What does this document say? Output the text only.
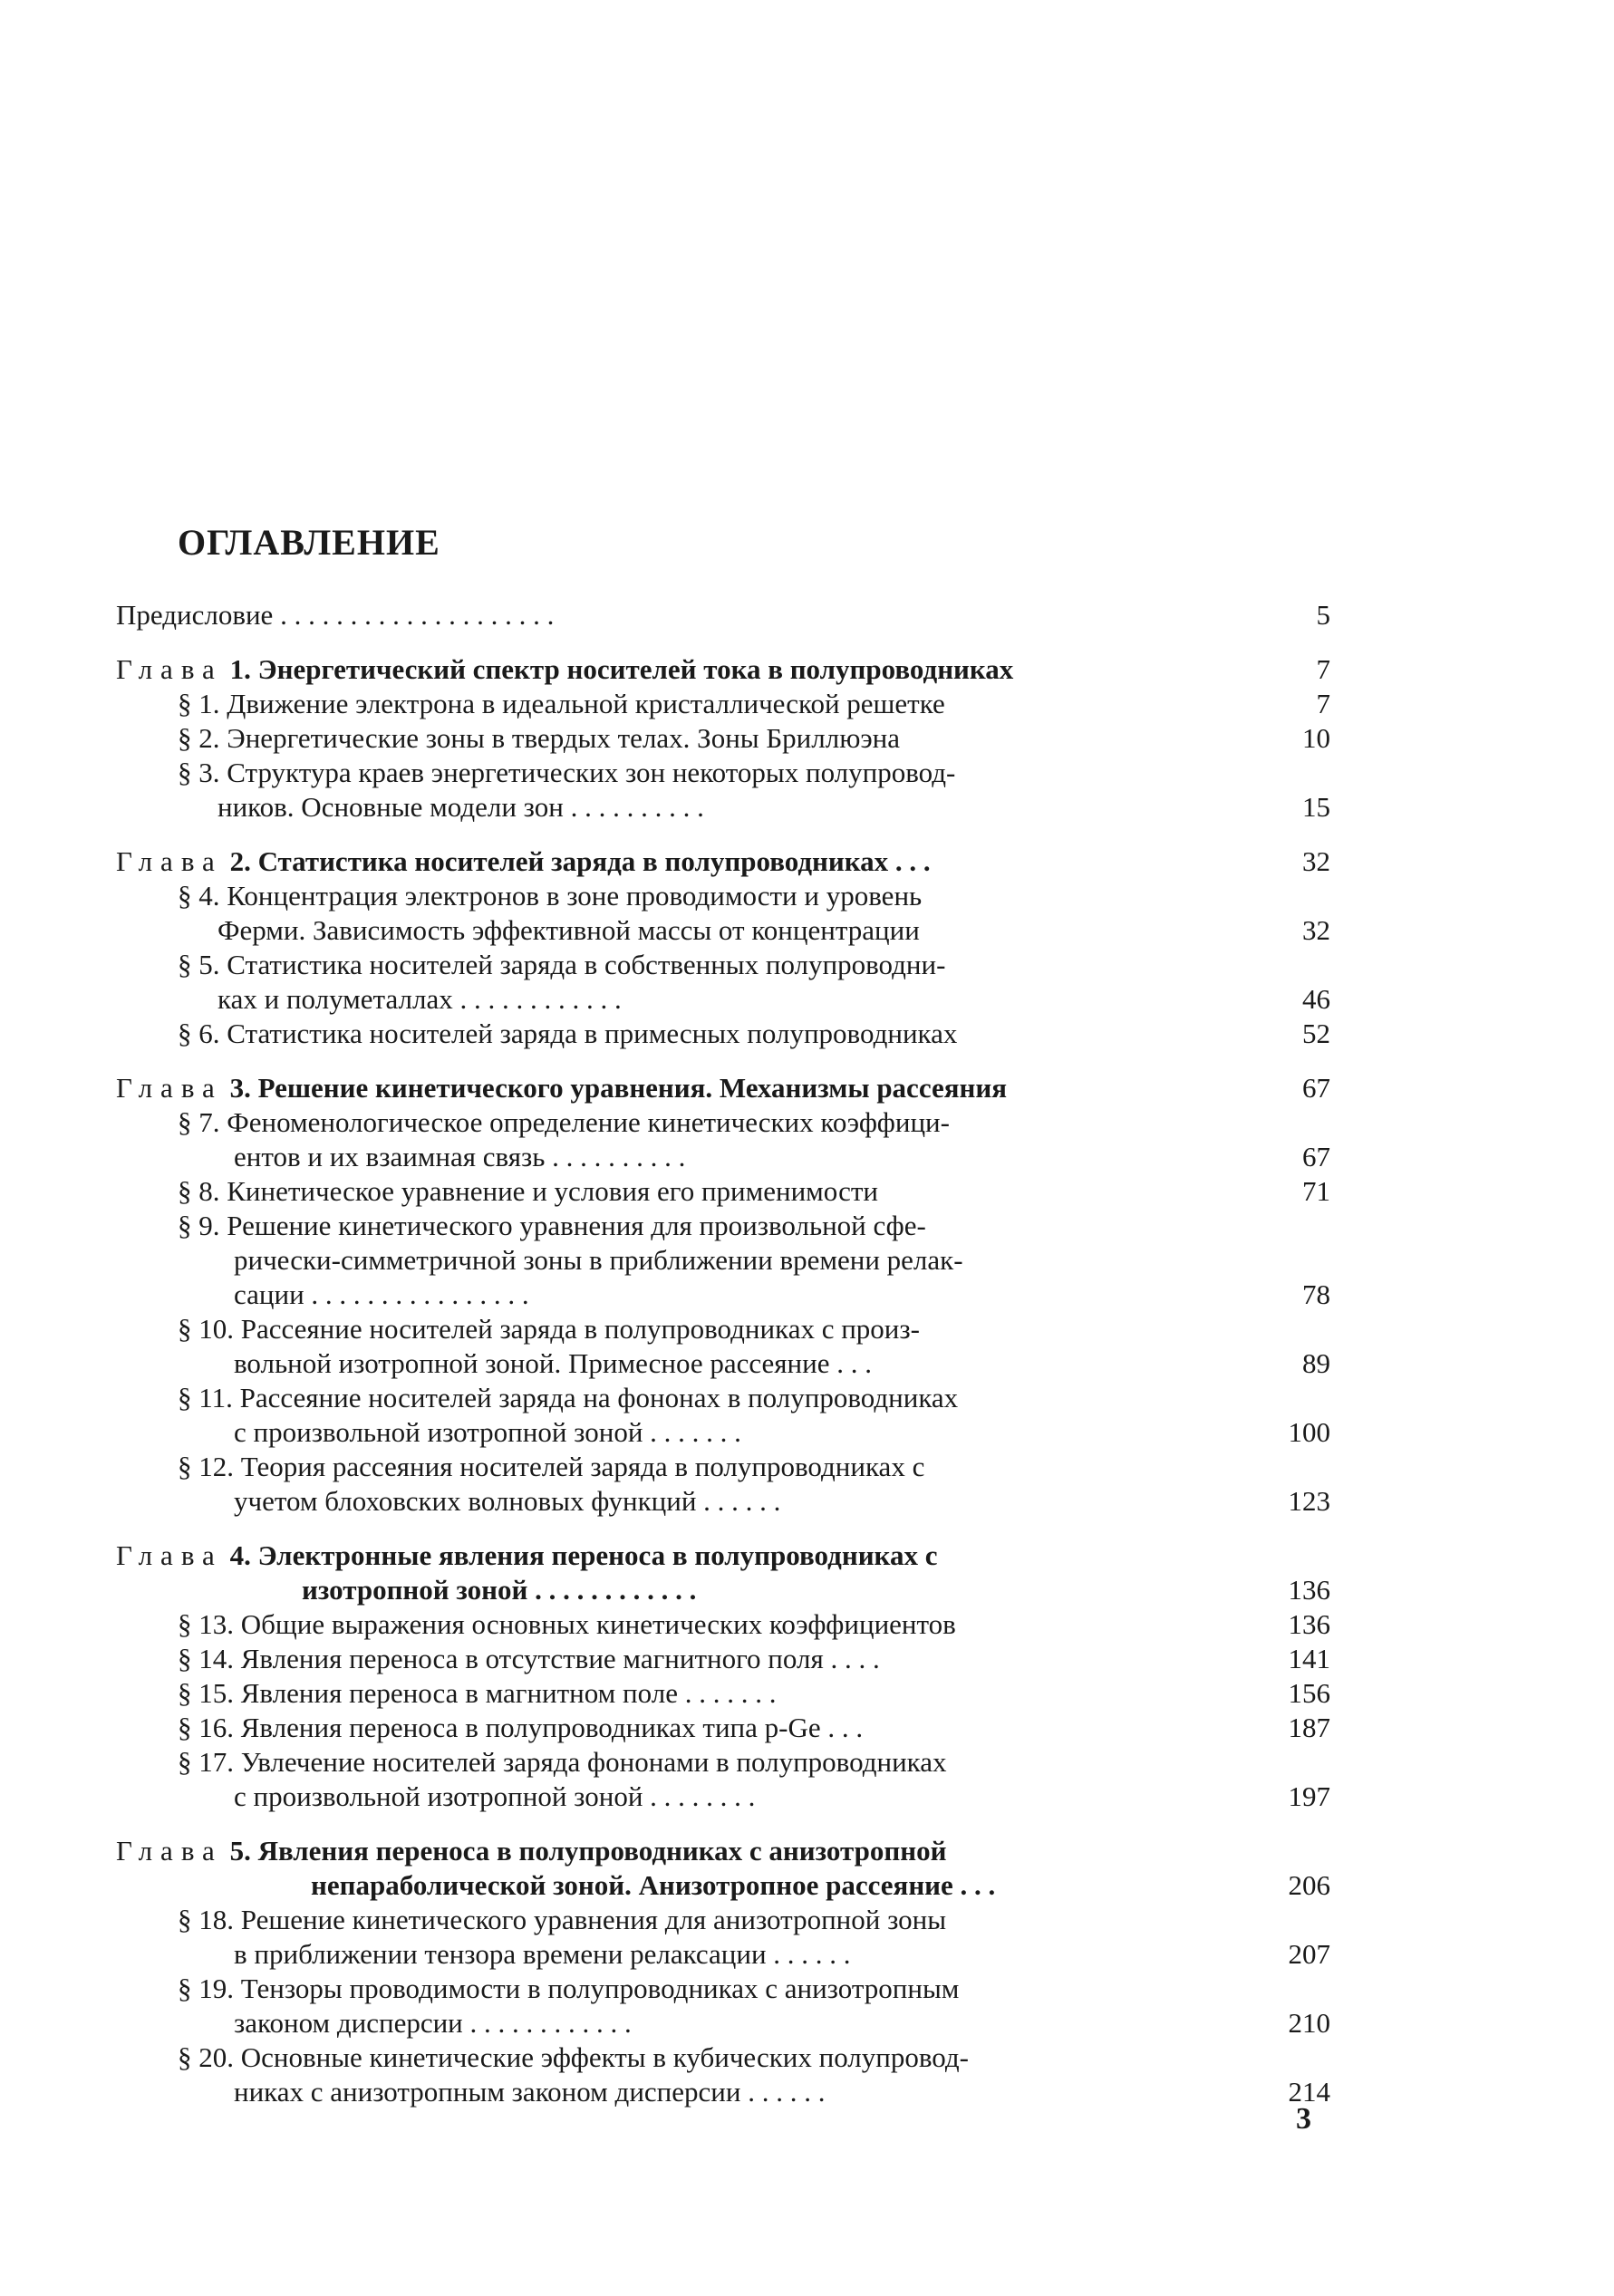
ОГЛАВЛЕНИЕ
Предисловие . . . . . . . . . . . . . . . . . . . .	5
Глава 1. Энергетический спектр носителей тока в полупроводниках	7
§ 1. Движение электрона в идеальной кристаллической решетке	7
§ 2. Энергетические зоны в твердых телах. Зоны Бриллюэна	10
§ 3. Структура краев энергетических зон некоторых полупровод-
ников. Основные модели зон . . . . . . . . . .	15
Глава 2. Статистика носителей заряда в полупроводниках . . .	32
§ 4. Концентрация электронов в зоне проводимости и уровень
Ферми. Зависимость эффективной массы от концентрации	32
§ 5. Статистика носителей заряда в собственных полупроводни-
ках и полуметаллах . . . . . . . . . . . .	46
§ 6. Статистика носителей заряда в примесных полупроводниках	52
Глава 3. Решение кинетического уравнения. Механизмы рассеяния	67
§ 7. Феноменологическое определение кинетических коэффици-
ентов и их взаимная связь . . . . . . . . . .	67
§ 8. Кинетическое уравнение и условия его применимости	71
§ 9. Решение кинетического уравнения для произвольной сфе-
рически-симметричной зоны в приближении времени релак-
сации . . . . . . . . . . . . . . . .	78
§ 10. Рассеяние носителей заряда в полупроводниках с произ-
вольной изотропной зоной. Примесное рассеяние . . .	89
§ 11. Рассеяние носителей заряда на фононах в полупроводниках
с произвольной изотропной зоной . . . . . . .	100
§ 12. Теория рассеяния носителей заряда в полупроводниках с
учетом блоховских волновых функций . . . . . .	123
Глава 4. Электронные явления переноса в полупроводниках с
изотропной зоной . . . . . . . . . . . .	136
§ 13. Общие выражения основных кинетических коэффициентов	136
§ 14. Явления переноса в отсутствие магнитного поля . . . .	141
§ 15. Явления переноса в магнитном поле . . . . . . .	156
§ 16. Явления переноса в полупроводниках типа p-Ge . . .	187
§ 17. Увлечение носителей заряда фононами в полупроводниках
с произвольной изотропной зоной . . . . . . . .	197
Глава 5. Явления переноса в полупроводниках с анизотропной
непараболической зоной. Анизотропное рассеяние . . .	206
§ 18. Решение кинетического уравнения для анизотропной зоны
в приближении тензора времени релаксации . . . . . .	207
§ 19. Тензоры проводимости в полупроводниках с анизотропным
законом дисперсии . . . . . . . . . . . .	210
§ 20. Основные кинетические эффекты в кубических полупровод-
никах с анизотропным законом дисперсии . . . . . .	214
3
